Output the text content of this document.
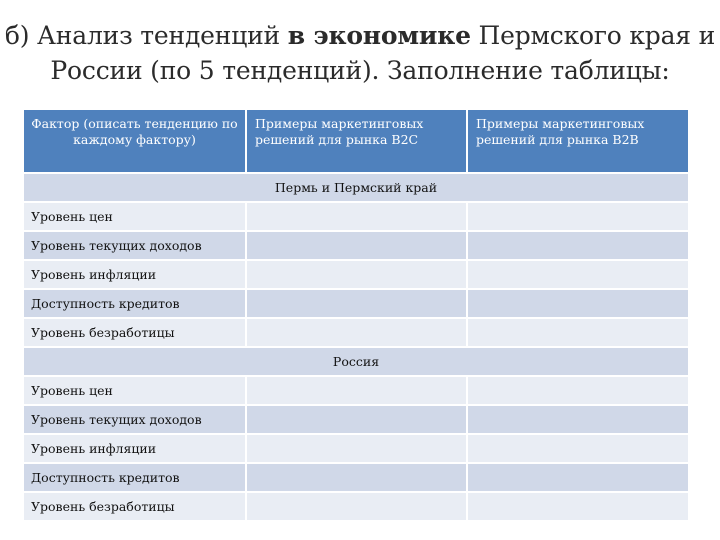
б) Анализ тенденций в экономике Пермского края и России (по 5 тенденций). Заполнение таблицы:
Фактор (описать тенденцию по каждому фактору)	Примеры маркетинговых решений для рынка В2С	Примеры маркетинговых решений для рынка В2В
Пермь и Пермский край		
Уровень цен		
Уровень текущих доходов		
Уровень инфляции		
Доступность кредитов		
Уровень безработицы		
Россия		
Уровень цен		
Уровень текущих доходов		
Уровень инфляции		
Доступность кредитов		
Уровень безработицы		
